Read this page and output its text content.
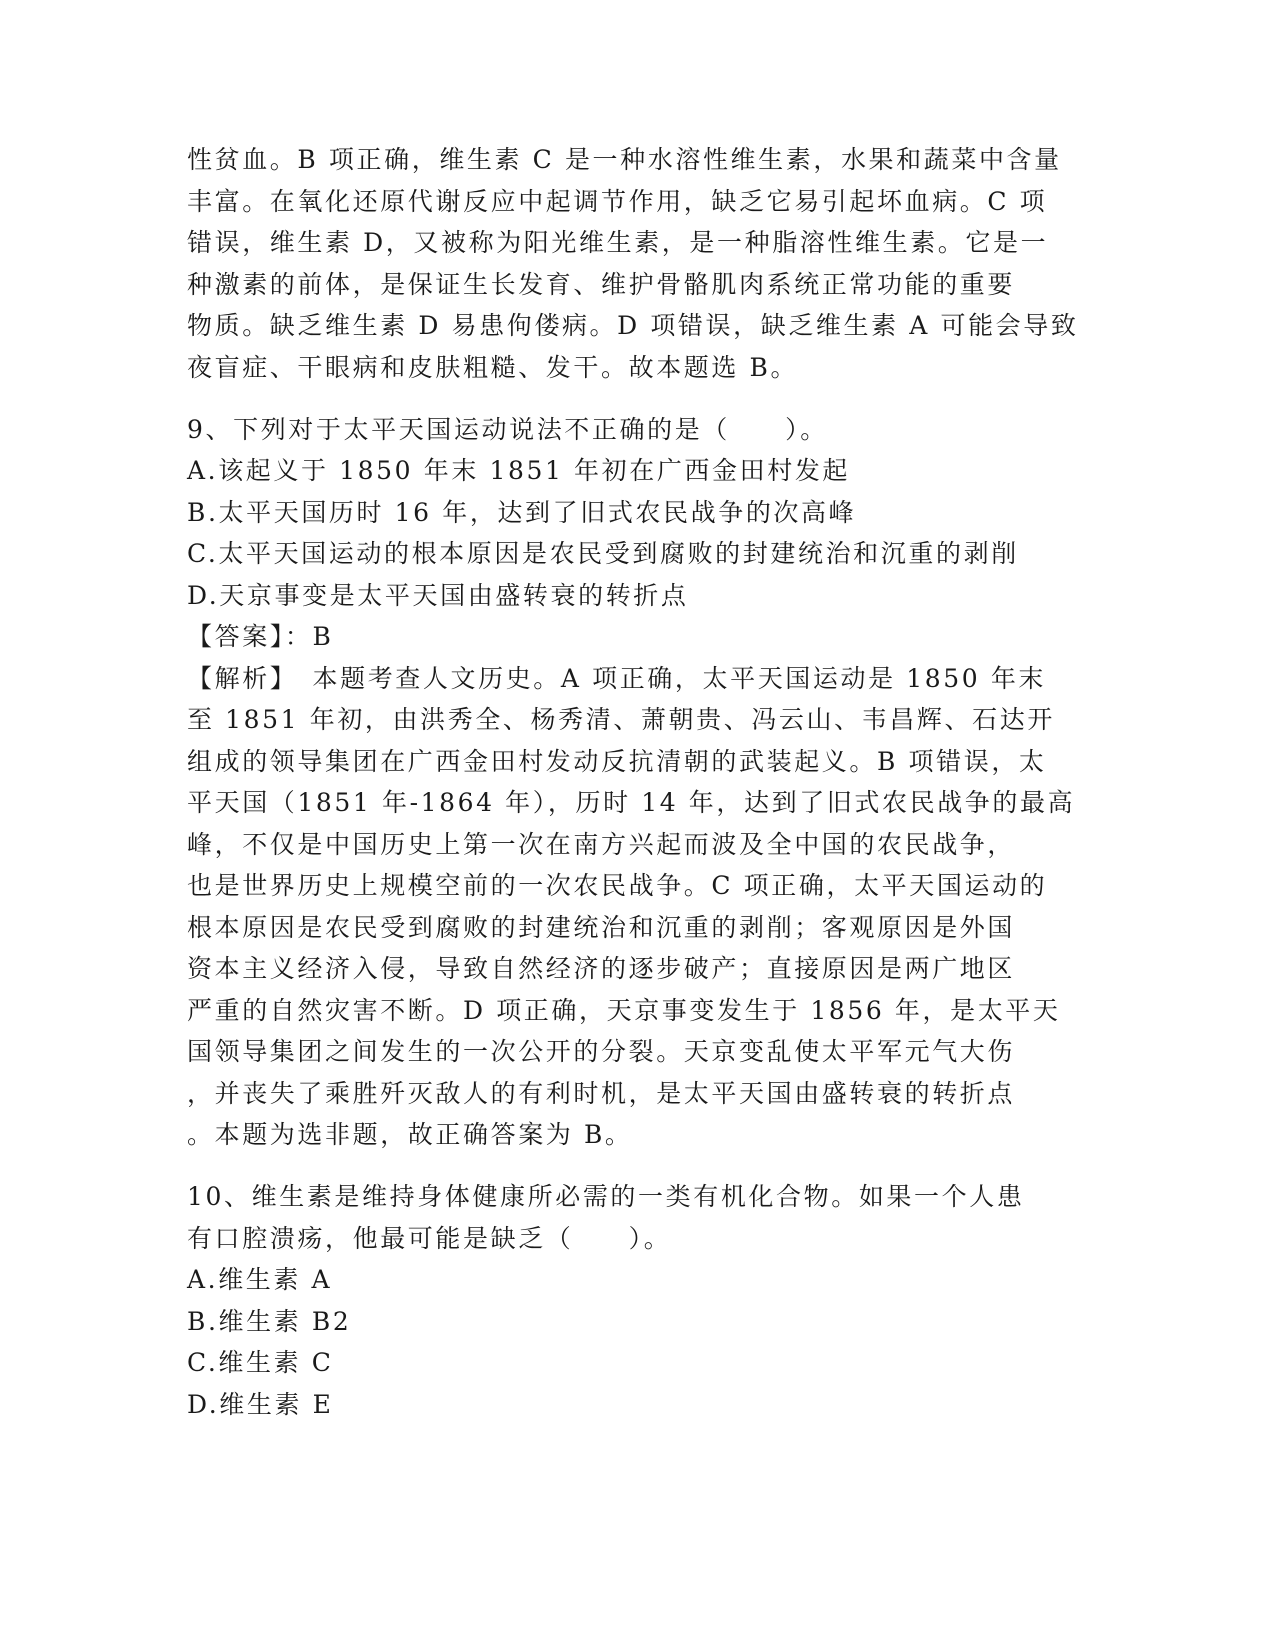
性贫血。B 项正确，维生素 C 是一种水溶性维生素，水果和蔬菜中含量
丰富。在氧化还原代谢反应中起调节作用，缺乏它易引起坏血病。C 项
错误，维生素 D，又被称为阳光维生素，是一种脂溶性维生素。它是一
种激素的前体，是保证生长发育、维护骨骼肌肉系统正常功能的重要
物质。缺乏维生素 D 易患佝偻病。D 项错误，缺乏维生素 A 可能会导致
夜盲症、干眼病和皮肤粗糙、发干。故本题选 B。
9、下列对于太平天国运动说法不正确的是（　　）。
A.该起义于 1850 年末 1851 年初在广西金田村发起
B.太平天国历时 16 年，达到了旧式农民战争的次高峰
C.太平天国运动的根本原因是农民受到腐败的封建统治和沉重的剥削
D.天京事变是太平天国由盛转衰的转折点
【答案】：B
【解析】　本题考查人文历史。A 项正确，太平天国运动是 1850 年末
至 1851 年初，由洪秀全、杨秀清、萧朝贵、冯云山、韦昌辉、石达开
组成的领导集团在广西金田村发动反抗清朝的武装起义。B 项错误，太
平天国（1851 年-1864 年），历时 14 年，达到了旧式农民战争的最高
峰，不仅是中国历史上第一次在南方兴起而波及全中国的农民战争，
也是世界历史上规模空前的一次农民战争。C 项正确，太平天国运动的
根本原因是农民受到腐败的封建统治和沉重的剥削；客观原因是外国
资本主义经济入侵，导致自然经济的逐步破产；直接原因是两广地区
严重的自然灾害不断。D 项正确，天京事变发生于 1856 年，是太平天
国领导集团之间发生的一次公开的分裂。天京变乱使太平军元气大伤
，并丧失了乘胜歼灭敌人的有利时机，是太平天国由盛转衰的转折点
。本题为选非题，故正确答案为 B。
10、维生素是维持身体健康所必需的一类有机化合物。如果一个人患
有口腔溃疡，他最可能是缺乏（　　）。
A.维生素 A
B.维生素 B2
C.维生素 C
D.维生素 E
